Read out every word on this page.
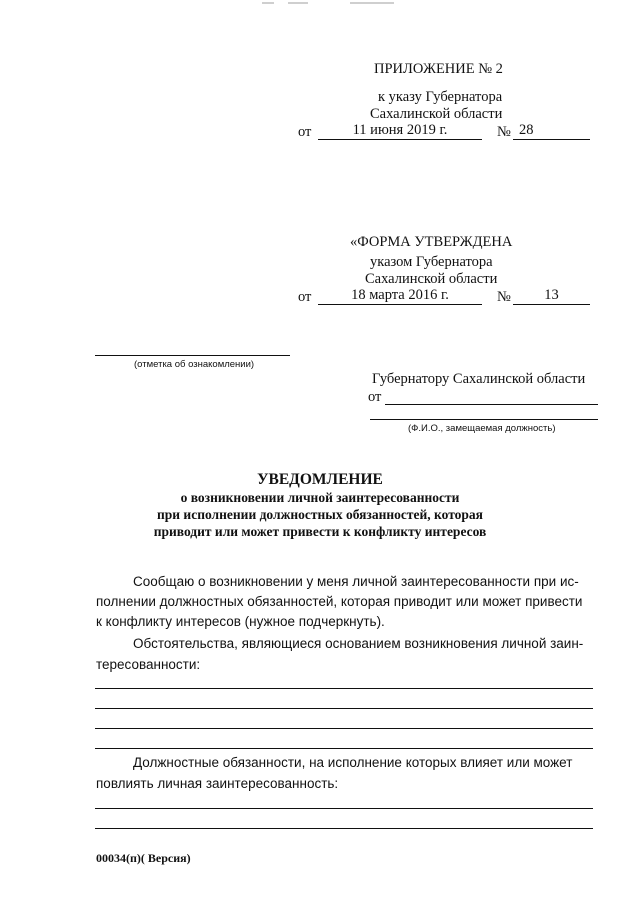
ПРИЛОЖЕНИЕ № 2
к указу Губернатора
Сахалинской области
от	11 июня 2019 г.	№ 28
«ФОРМА УТВЕРЖДЕНА
указом Губернатора
Сахалинской области
от	18 марта 2016 г.	№	13
(отметка об ознакомлении)
Губернатору Сахалинской области
от
(Ф.И.О., замещаемая должность)
УВЕДОМЛЕНИЕ
о возникновении личной заинтересованности
при исполнении должностных обязанностей, которая
приводит или может привести к конфликту интересов
Сообщаю о возникновении у меня личной заинтересованности при ис-
полнении должностных обязанностей, которая приводит или может привести
к конфликту интересов (нужное подчеркнуть).
Обстоятельства, являющиеся основанием возникновения личной заин-
тересованности:
Должностные обязанности, на исполнение которых влияет или может
повлиять личная заинтересованность:
00034(п)( Версия)
